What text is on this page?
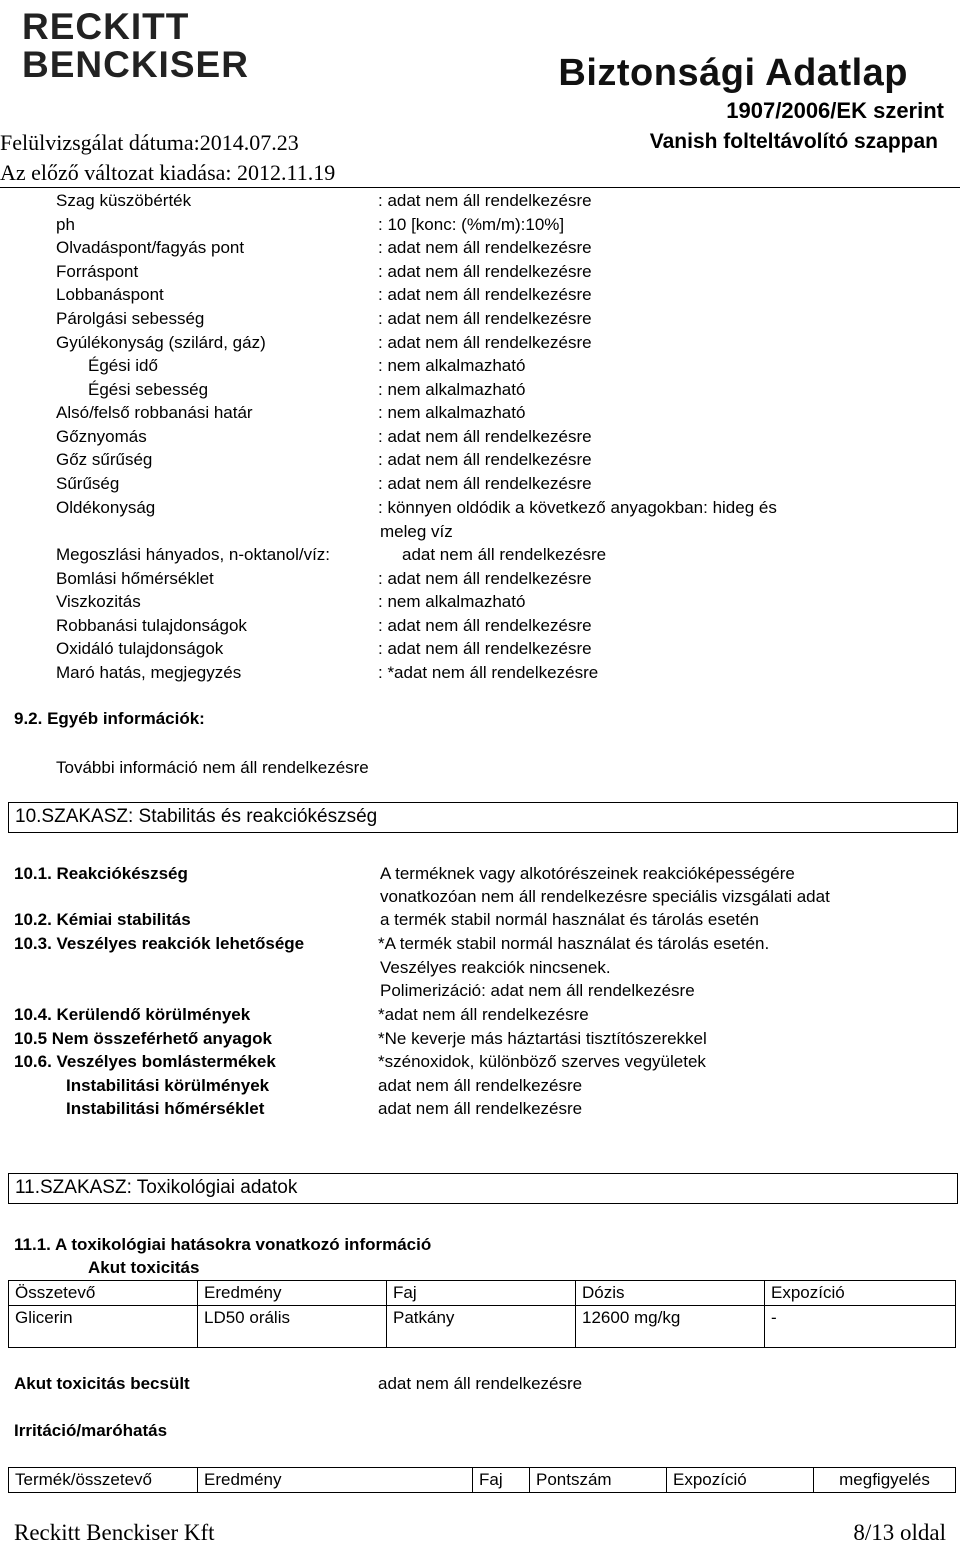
RECKITT
BENCKISER	Biztonsági Adatlap
1907/2006/EK szerint
Vanish folteltávolító szappan
Felülvizsgálat dátuma:2014.07.23
Az előző változat kiadása: 2012.11.19
Szag küszöbérték	: adat nem áll rendelkezésre
ph	: 10 [konc: (%m/m):10%]
Olvadáspont/fagyás pont	: adat nem áll rendelkezésre
Forráspont	: adat nem áll rendelkezésre
Lobbanáspont	: adat nem áll rendelkezésre
Párolgási sebesség	: adat nem áll rendelkezésre
Gyúlékonyság (szilárd, gáz)	: adat nem áll rendelkezésre
Égési idő	: nem alkalmazható
Égési sebesség	: nem alkalmazható
Alsó/felső robbanási határ	: nem alkalmazható
Gőznyomás	: adat nem áll rendelkezésre
Gőz sűrűség	: adat nem áll rendelkezésre
Sűrűség	: adat nem áll rendelkezésre
Oldékonyság	: könnyen oldódik a következő anyagokban: hideg és
meleg víz
Megoszlási hányados, n-oktanol/víz:	adat nem áll rendelkezésre
Bomlási hőmérséklet	: adat nem áll rendelkezésre
Viszkozitás	: nem alkalmazható
Robbanási tulajdonságok	: adat nem áll rendelkezésre
Oxidáló tulajdonságok	: adat nem áll rendelkezésre
Maró hatás, megjegyzés	: *adat nem áll rendelkezésre
9.2. Egyéb információk:
További információ nem áll rendelkezésre
10.SZAKASZ: Stabilitás és reakciókészség
10.1. Reakciókészség	A terméknek vagy alkotórészeinek reakcióképességére
vonatkozóan nem áll rendelkezésre speciális vizsgálati adat
10.2. Kémiai stabilitás	a termék stabil normál használat és tárolás esetén
10.3. Veszélyes reakciók lehetősége	*A termék stabil normál használat és tárolás esetén.
Veszélyes reakciók nincsenek.
Polimerizáció: adat nem áll rendelkezésre
10.4. Kerülendő körülmények	*adat nem áll rendelkezésre
10.5 Nem összeférhető anyagok	*Ne keverje más háztartási tisztítószerekkel
10.6. Veszélyes bomlástermékek	*szénoxidok, különböző szerves vegyületek
Instabilitási körülmények	adat nem áll rendelkezésre
Instabilitási hőmérséklet	adat nem áll rendelkezésre
11.SZAKASZ: Toxikológiai adatok
11.1. A toxikológiai hatásokra vonatkozó információ
Akut toxicitás
Összetevő	Eredmény	Faj	Dózis	Expozíció
Glicerin	LD50 orális	Patkány	12600 mg/kg	-
Akut toxicitás becsült	adat nem áll rendelkezésre
Irritáció/maróhatás
Termék/összetevő	Eredmény	Faj	Pontszám	Expozíció	megfigyelés
Reckitt Benckiser Kft	8/13 oldal
